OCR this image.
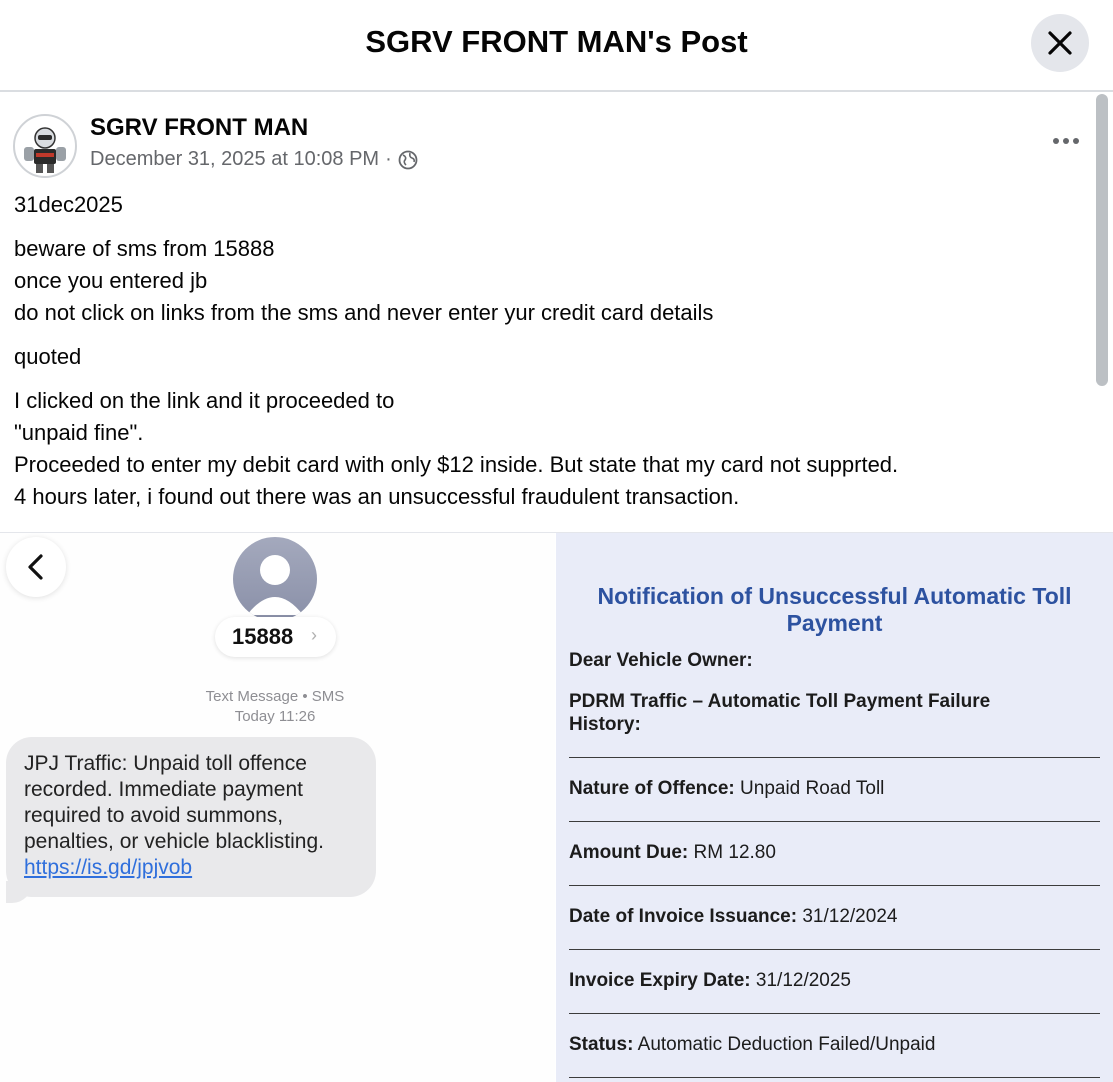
SGRV FRONT MAN's Post
SGRV FRONT MAN
December 31, 2025 at 10:08 PM ·

31dec2025

beware of sms from 15888
once you entered jb
do not click on links from the sms and never enter yur credit card details

quoted

I clicked on the link and it proceeded to
"unpaid fine".
Proceeded to enter my debit card with only $12 inside. But state that my card not supprted.
4 hours later, i found out there was an unsuccessful fraudulent transaction.

15888 ›
Text Message • SMS
Today 11:26
JPJ Traffic: Unpaid toll offence
recorded. Immediate payment
required to avoid summons,
penalties, or vehicle blacklisting.
https://is.gd/jpjvob
Notification of Unsuccessful Automatic Toll
Payment
Dear Vehicle Owner:
PDRM Traffic – Automatic Toll Payment Failure
History:
Nature of Offence: Unpaid Road Toll
Amount Due: RM 12.80
Date of Invoice Issuance: 31/12/2024
Invoice Expiry Date: 31/12/2025
Status: Automatic Deduction Failed/Unpaid
